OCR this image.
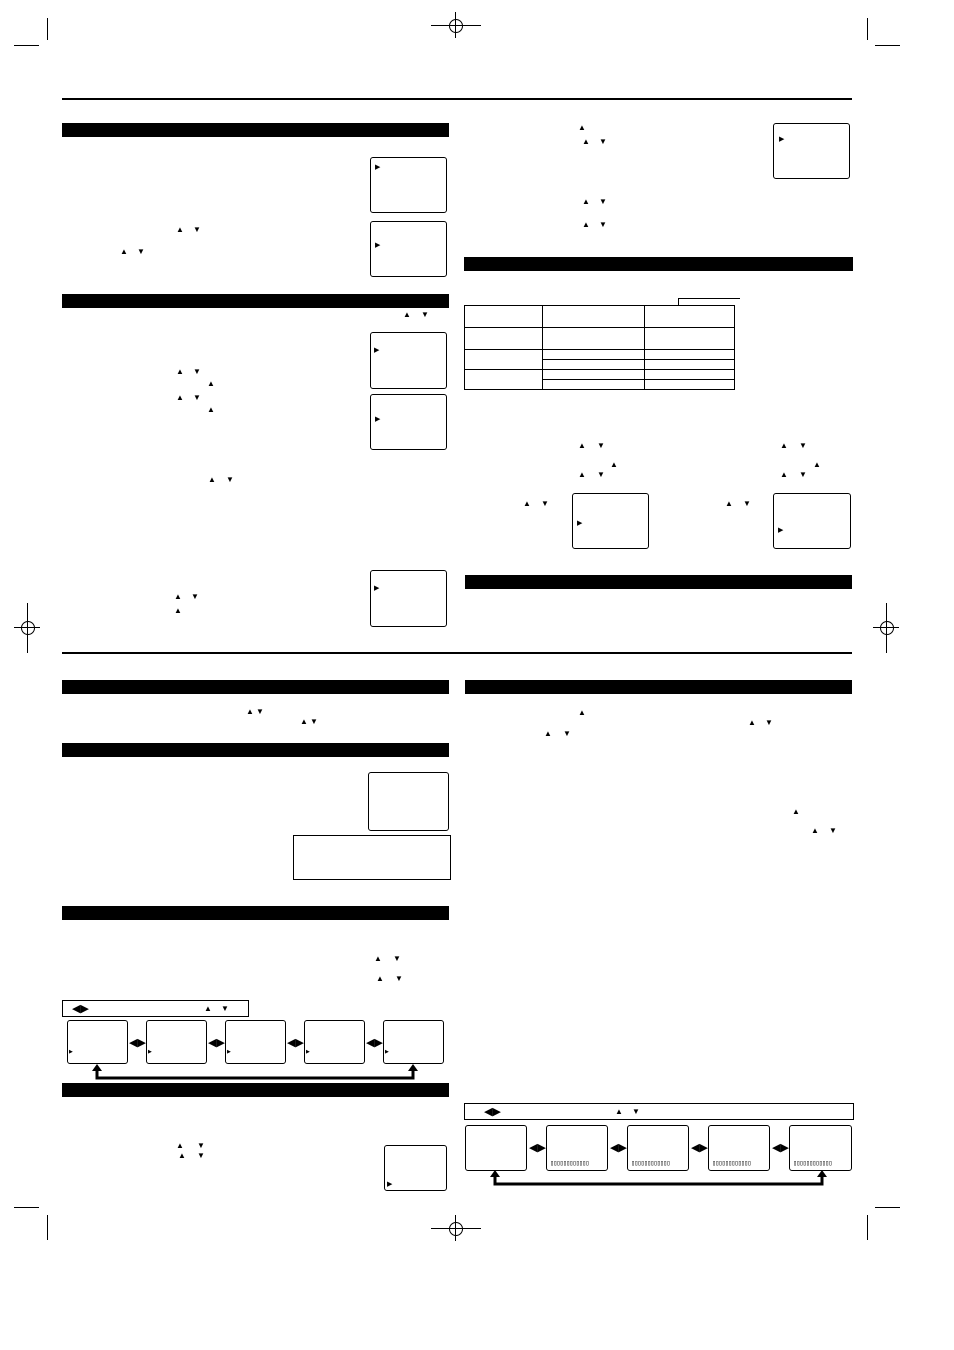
▶
▶
▶
▶
▶
▶
▶
▶
▶
▲ ▼
▲ ▼
▲ ▼
▲ ▼
▲
▲ ▼
▲
▲ ▼
▲ ▼
▲
▲
▲ ▼
▲ ▼
▲ ▼

▲ ▼
▲
▲ ▼
▲ ▼
▲ ▼
▲
▲ ▼
▲ ▼
▲ ▼
▲ ▼
▲ ▼
▲ ▼
◀▶	▲ ▼
▶
◀▶
▶
◀▶
▶
◀▶
▶
◀▶
▶
▲ ▼
▲ ▼
▲
▲ ▼
▲ ▼
▲
▲ ▼
◀▶	▲ ▼
◀▶
▯▯▯▯▯▯▯▯▯▯▯▯
◀▶
▯▯▯▯▯▯▯▯▯▯▯▯
◀▶
▯▯▯▯▯▯▯▯▯▯▯▯
◀▶
▯▯▯▯▯▯▯▯▯▯▯▯
